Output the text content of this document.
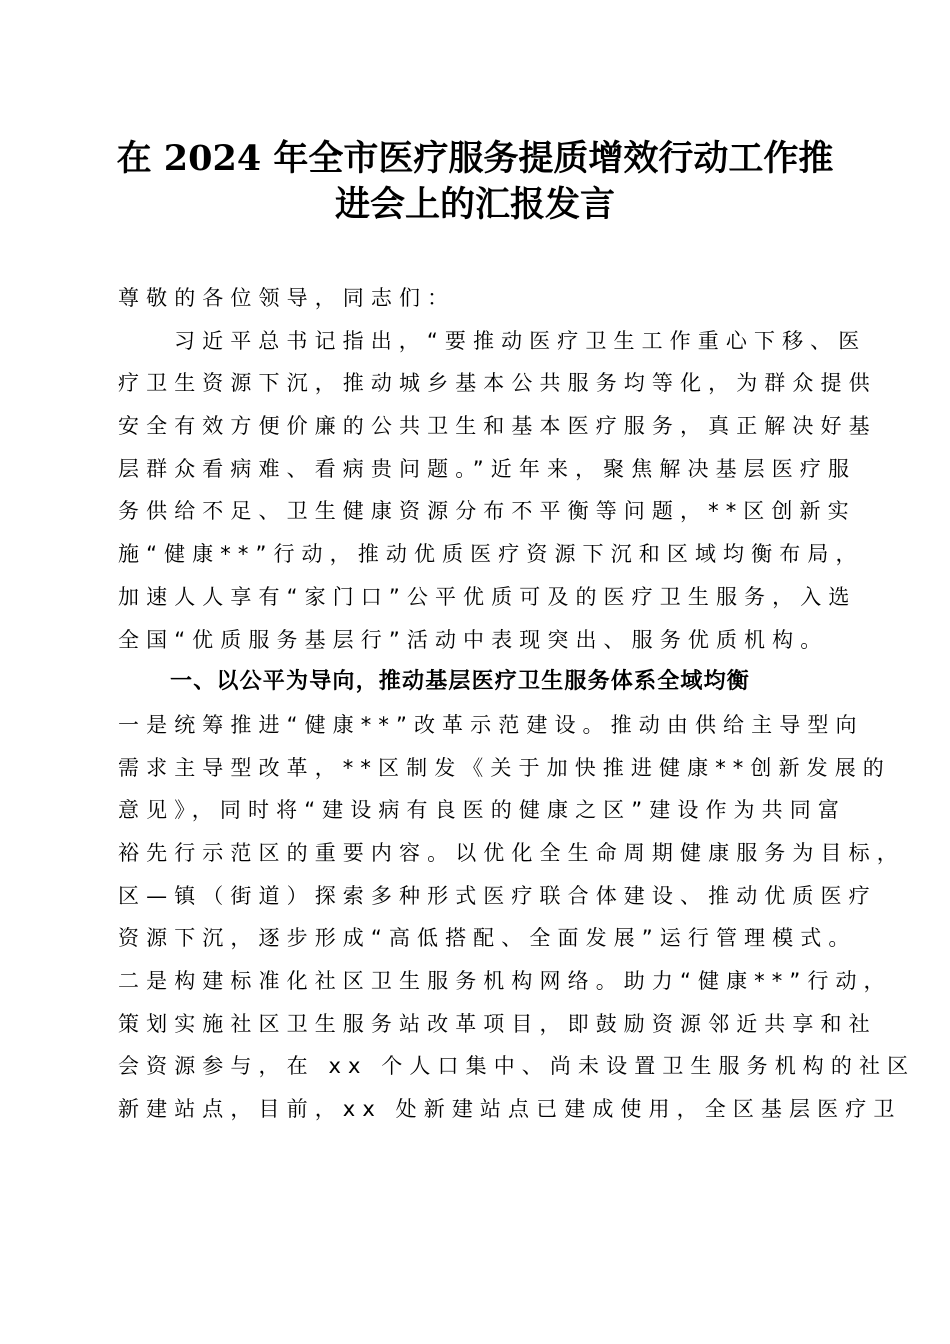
在 2024 年全市医疗服务提质增效行动工作推
进会上的汇报发言
尊敬的各位领导，同志们：
习近平总书记指出，“要推动医疗卫生工作重心下移、医
疗卫生资源下沉，推动城乡基本公共服务均等化，为群众提供
安全有效方便价廉的公共卫生和基本医疗服务，真正解决好基
层群众看病难、看病贵问题。”近年来，聚焦解决基层医疗服
务供给不足、卫生健康资源分布不平衡等问题，**区创新实
施“健康**”行动，推动优质医疗资源下沉和区域均衡布局，
加速人人享有“家门口”公平优质可及的医疗卫生服务，入选
全国“优质服务基层行”活动中表现突出、服务优质机构。
一、以公平为导向，推动基层医疗卫生服务体系全域均衡
一是统筹推进“健康**”改革示范建设。推动由供给主导型向
需求主导型改革，**区制发《关于加快推进健康**创新发展的
意见》，同时将“建设病有良医的健康之区”建设作为共同富
裕先行示范区的重要内容。以优化全生命周期健康服务为目标，
区—镇（街道）探索多种形式医疗联合体建设、推动优质医疗
资源下沉，逐步形成“高低搭配、全面发展”运行管理模式。
二是构建标准化社区卫生服务机构网络。助力“健康**”行动，
策划实施社区卫生服务站改革项目，即鼓励资源邻近共享和社
会资源参与，在 xx 个人口集中、尚未设置卫生服务机构的社区
新建站点，目前，xx 处新建站点已建成使用，全区基层医疗卫
